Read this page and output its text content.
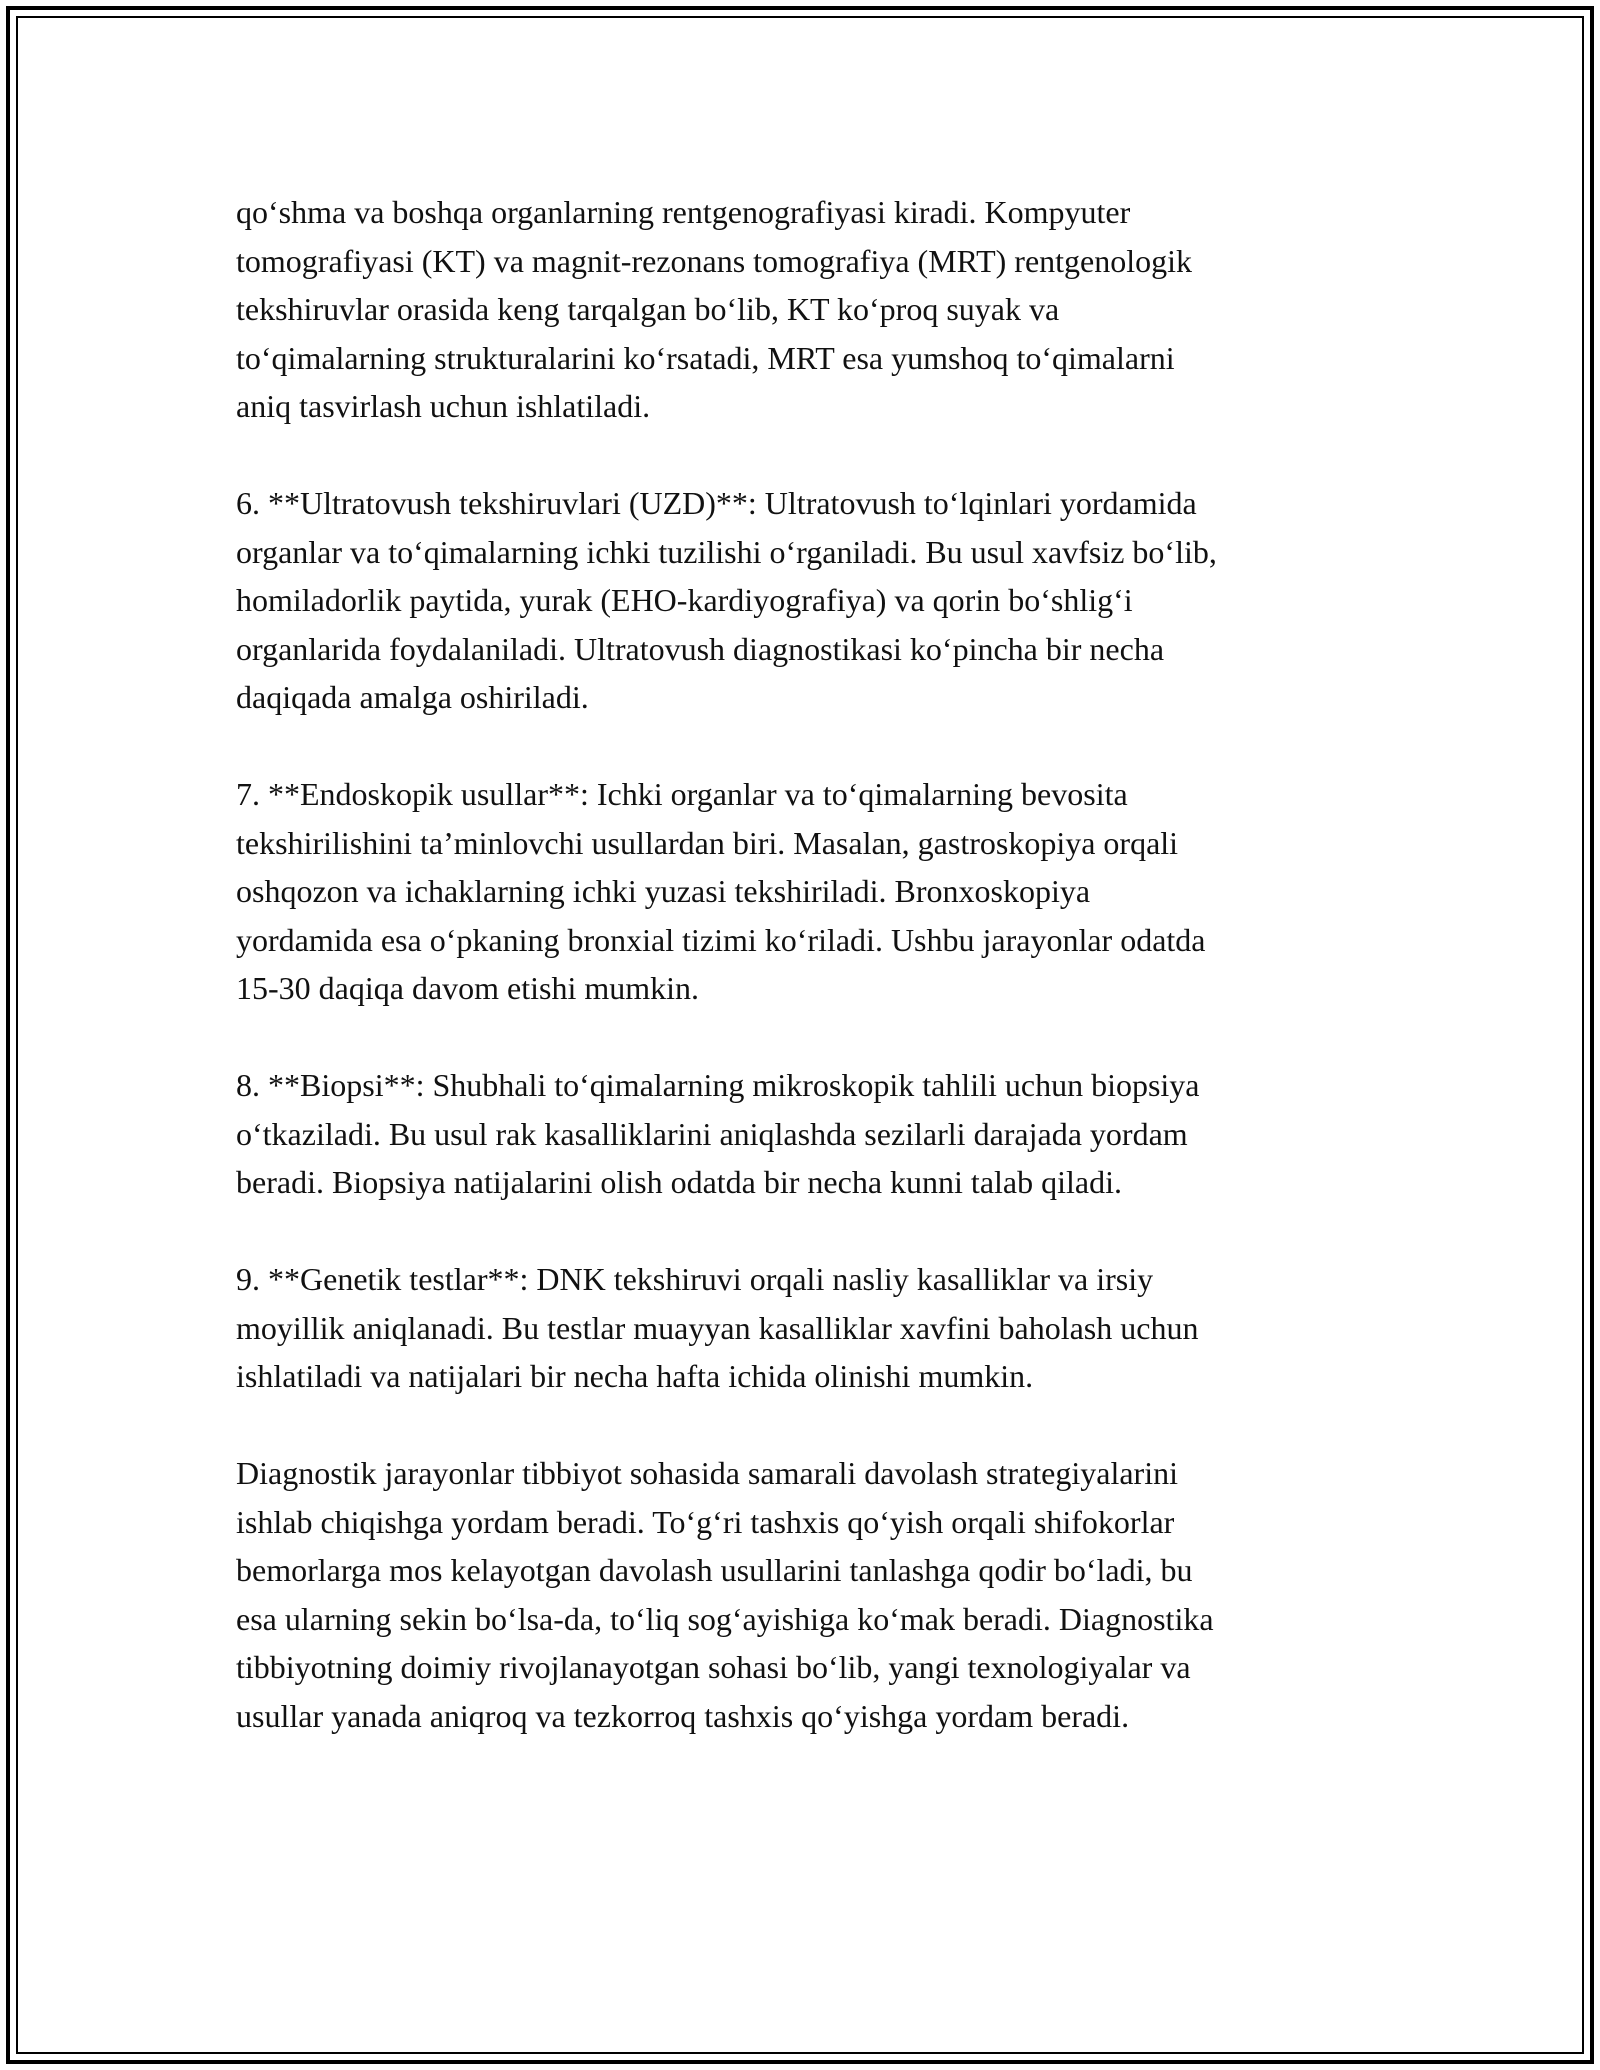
qo‘shma va boshqa organlarning rentgenografiyasi kiradi. Kompyuter
tomografiyasi (KT) va magnit-rezonans tomografiya (MRT) rentgenologik
tekshiruvlar orasida keng tarqalgan bo‘lib, KT ko‘proq suyak va
to‘qimalarning strukturalarini ko‘rsatadi, MRT esa yumshoq to‘qimalarni
aniq tasvirlash uchun ishlatiladi.

6. **Ultratovush tekshiruvlari (UZD)**: Ultratovush to‘lqinlari yordamida
organlar va to‘qimalarning ichki tuzilishi o‘rganiladi. Bu usul xavfsiz bo‘lib,
homiladorlik paytida, yurak (EHO-kardiyografiya) va qorin bo‘shlig‘i
organlarida foydalaniladi. Ultratovush diagnostikasi ko‘pincha bir necha
daqiqada amalga oshiriladi.

7. **Endoskopik usullar**: Ichki organlar va to‘qimalarning bevosita
tekshirilishini ta’minlovchi usullardan biri. Masalan, gastroskopiya orqali
oshqozon va ichaklarning ichki yuzasi tekshiriladi. Bronxoskopiya
yordamida esa o‘pkaning bronxial tizimi ko‘riladi. Ushbu jarayonlar odatda
15-30 daqiqa davom etishi mumkin.

8. **Biopsi**: Shubhali to‘qimalarning mikroskopik tahlili uchun biopsiya
o‘tkaziladi. Bu usul rak kasalliklarini aniqlashda sezilarli darajada yordam
beradi. Biopsiya natijalarini olish odatda bir necha kunni talab qiladi.

9. **Genetik testlar**: DNK tekshiruvi orqali nasliy kasalliklar va irsiy
moyillik aniqlanadi. Bu testlar muayyan kasalliklar xavfini baholash uchun
ishlatiladi va natijalari bir necha hafta ichida olinishi mumkin.

Diagnostik jarayonlar tibbiyot sohasida samarali davolash strategiyalarini
ishlab chiqishga yordam beradi. To‘g‘ri tashxis qo‘yish orqali shifokorlar
bemorlarga mos kelayotgan davolash usullarini tanlashga qodir bo‘ladi, bu
esa ularning sekin bo‘lsa-da, to‘liq sog‘ayishiga ko‘mak beradi. Diagnostika
tibbiyotning doimiy rivojlanayotgan sohasi bo‘lib, yangi texnologiyalar va
usullar yanada aniqroq va tezkorroq tashxis qo‘yishga yordam beradi.
